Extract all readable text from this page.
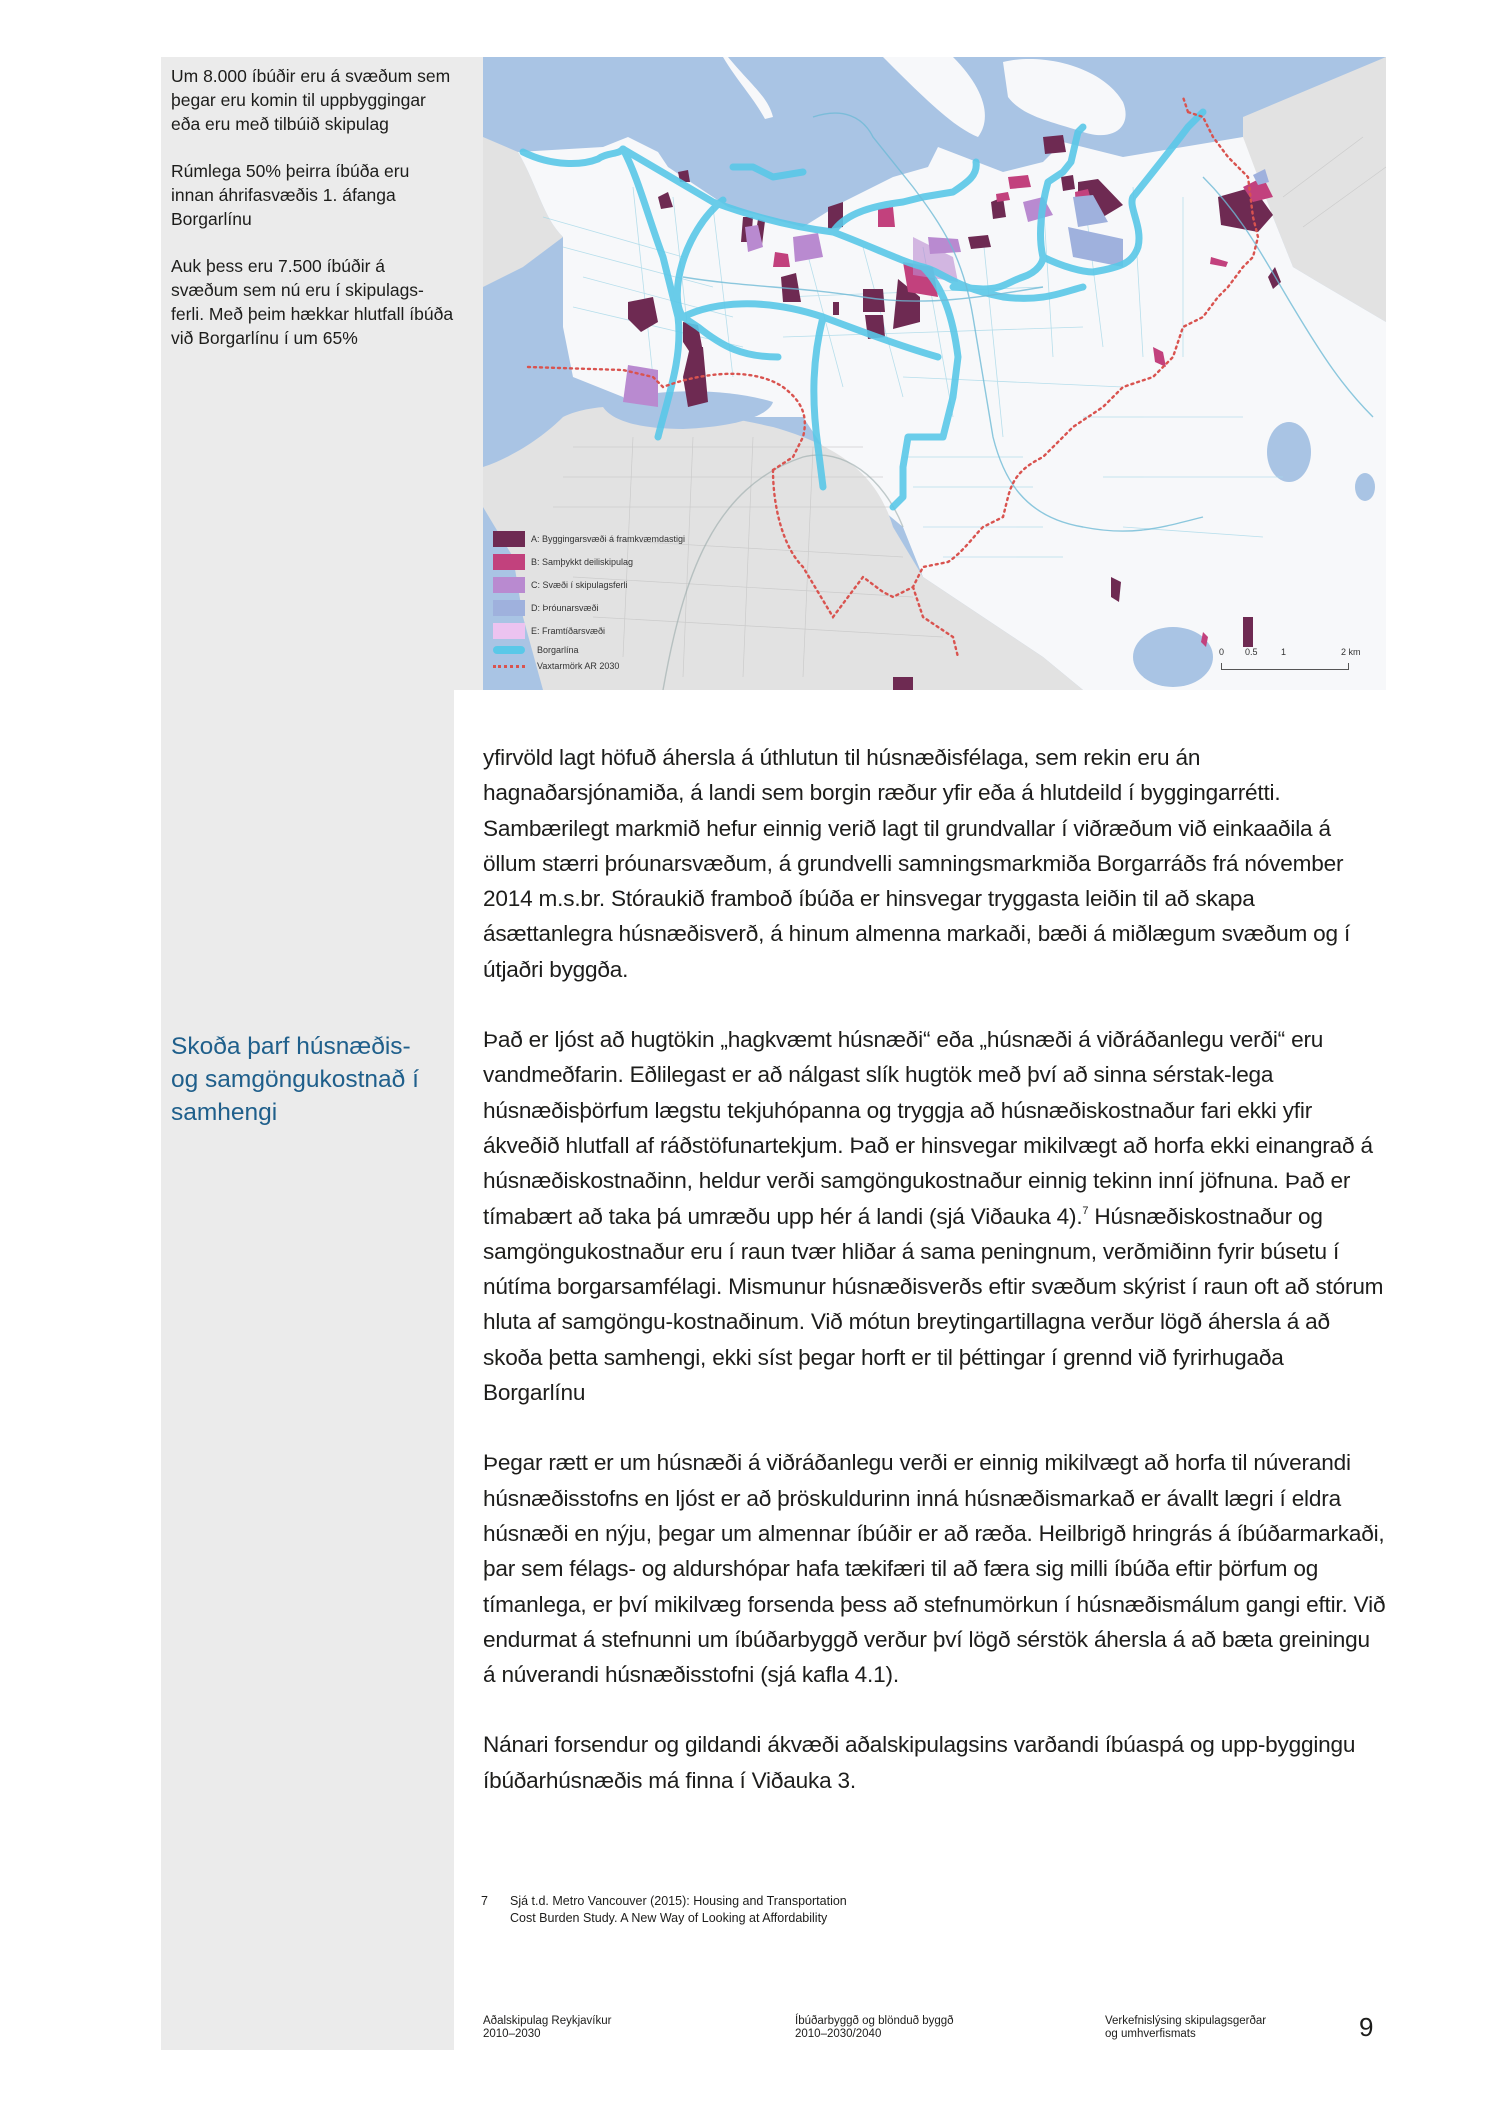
Um 8.000 íbúðir eru á svæðum sem þegar eru komin til uppbyggingar eða eru með tilbúið skipulag

Rúmlega 50% þeirra íbúða eru innan áhrifasvæðis 1. áfanga Borgarlínu

Auk þess eru 7.500 íbúðir á svæðum sem nú eru í skipulags-ferli. Með þeim hækkar hlutfall íbúða við Borgarlínu í um 65%

Skoða þarf húsnæðis- og samgöngukostnað í samhengi
A: Byggingarsvæði á framkvæmdastigi
B: Samþykkt deiliskipulag
C: Svæði í skipulagsferli
D: Þróunarsvæði
E: Framtíðarsvæði
Borgarlína
Vaxtarmörk AR 2030
0 0.5	1	2 km

yfirvöld lagt höfuð áhersla á úthlutun til húsnæðisfélaga, sem rekin eru án hagnaðarsjónamiða, á landi sem borgin ræður yfir eða á hlutdeild í byggingarrétti. Sambærilegt markmið hefur einnig verið lagt til grundvallar í viðræðum við einkaaðila á öllum stærri þróunarsvæðum, á grundvelli samningsmarkmiða Borgarráðs frá nóvember 2014 m.s.br. Stóraukið framboð íbúða er hinsvegar tryggasta leiðin til að skapa ásættanlegra húsnæðisverð, á hinum almenna markaði, bæði á miðlægum svæðum og í útjaðri byggða.

Það er ljóst að hugtökin „hagkvæmt húsnæði“ eða „húsnæði á viðráðanlegu verði“ eru vandmeðfarin. Eðlilegast er að nálgast slík hugtök með því að sinna sérstak-lega húsnæðisþörfum lægstu tekjuhópanna og tryggja að húsnæðiskostnaður fari ekki yfir ákveðið hlutfall af ráðstöfunartekjum. Það er hinsvegar mikilvægt að horfa ekki einangrað á húsnæðiskostnaðinn, heldur verði samgöngukostnaður einnig tekinn inní jöfnuna. Það er tímabært að taka þá umræðu upp hér á landi (sjá Viðauka 4).$^7$ Húsnæðiskostnaður og samgöngukostnaður eru í raun tvær hliðar á sama peningnum, verðmiðinn fyrir búsetu í nútíma borgarsamfélagi. Mismunur húsnæðisverðs eftir svæðum skýrist í raun oft að stórum hluta af samgöngu-kostnaðinum. Við mótun breytingartillagna verður lögð áhersla á að skoða þetta samhengi, ekki síst þegar horft er til þéttingar í grennd við fyrirhugaða Borgarlínu

Þegar rætt er um húsnæði á viðráðanlegu verði er einnig mikilvægt að horfa til núverandi húsnæðisstofns en ljóst er að þröskuldurinn inná húsnæðismarkað er ávallt lægri í eldra húsnæði en nýju, þegar um almennar íbúðir er að ræða. Heilbrigð hringrás á íbúðarmarkaði, þar sem félags- og aldurshópar hafa tækifæri til að færa sig milli íbúða eftir þörfum og tímanlega, er því mikilvæg forsenda þess að stefnumörkun í húsnæðismálum gangi eftir. Við endurmat á stefnunni um íbúðarbyggð verður því lögð sérstök áhersla á að bæta greiningu á núverandi húsnæðisstofni (sjá kafla 4.1).

Nánari forsendur og gildandi ákvæði aðalskipulagsins varðandi íbúaspá og upp-byggingu íbúðarhúsnæðis má finna í Viðauka 3.

7	Sjá t.d. Metro Vancouver (2015): Housing and Transportation
Cost Burden Study. A New Way of Looking at Affordability
Aðalskipulag Reykjavíkur
2010–2030
Íbúðarbyggð og blönduð byggð
2010–2030/2040
Verkefnislýsing skipulagsgerðar
og umhverfismats	9
